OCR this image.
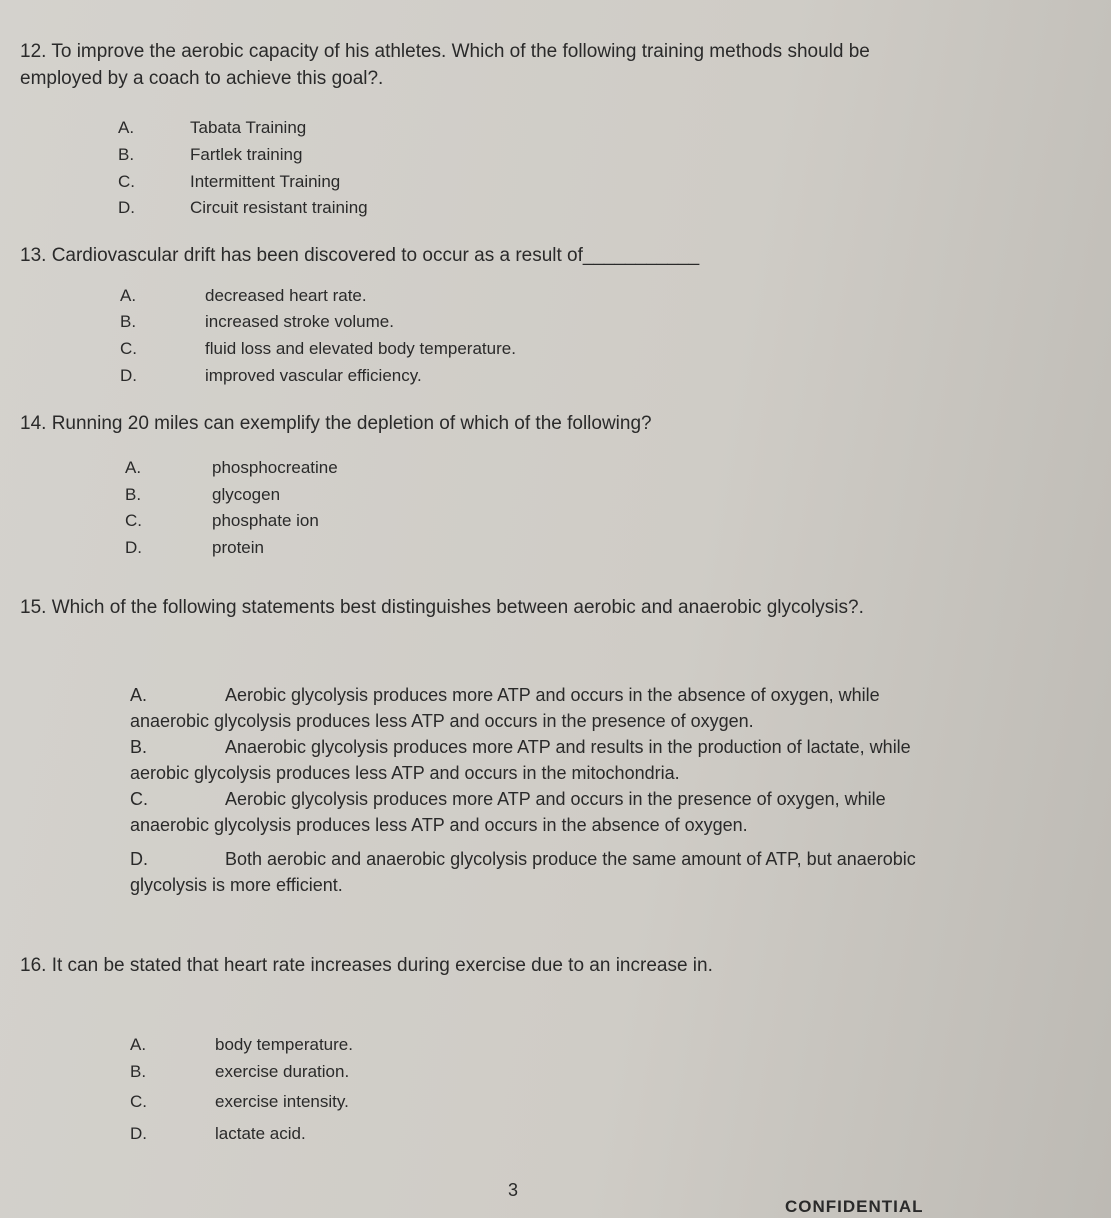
12. To improve the aerobic capacity of his athletes. Which of the following training methods should be employed by a coach to achieve this goal?.
A.	Tabata Training
B.	Fartlek training
C.	Intermittent Training
D.	Circuit resistant training
13. Cardiovascular drift has been discovered to occur as a result of___________
A.	decreased heart rate.
B.	increased stroke volume.
C.	fluid loss and elevated body temperature.
D.	improved vascular efficiency.
14. Running 20 miles can exemplify the depletion of which of the following?
A.	phosphocreatine
B.	glycogen
C.	phosphate ion
D.	protein
15. Which of the following statements best distinguishes between aerobic and anaerobic glycolysis?.
A.	Aerobic glycolysis produces more ATP and occurs in the absence of oxygen, while anaerobic glycolysis produces less ATP and occurs in the presence of oxygen.
B.	Anaerobic glycolysis produces more ATP and results in the production of lactate, while aerobic glycolysis produces less ATP and occurs in the mitochondria.
C.	Aerobic glycolysis produces more ATP and occurs in the presence of oxygen, while anaerobic glycolysis produces less ATP and occurs in the absence of oxygen.
D.	Both aerobic and anaerobic glycolysis produce the same amount of ATP, but anaerobic glycolysis is more efficient.
16. It can be stated that heart rate increases during exercise due to an increase in.
A.	body temperature.
B.	exercise duration.
C.	exercise intensity.
D.	lactate acid.
3
CONFIDENTIAL
